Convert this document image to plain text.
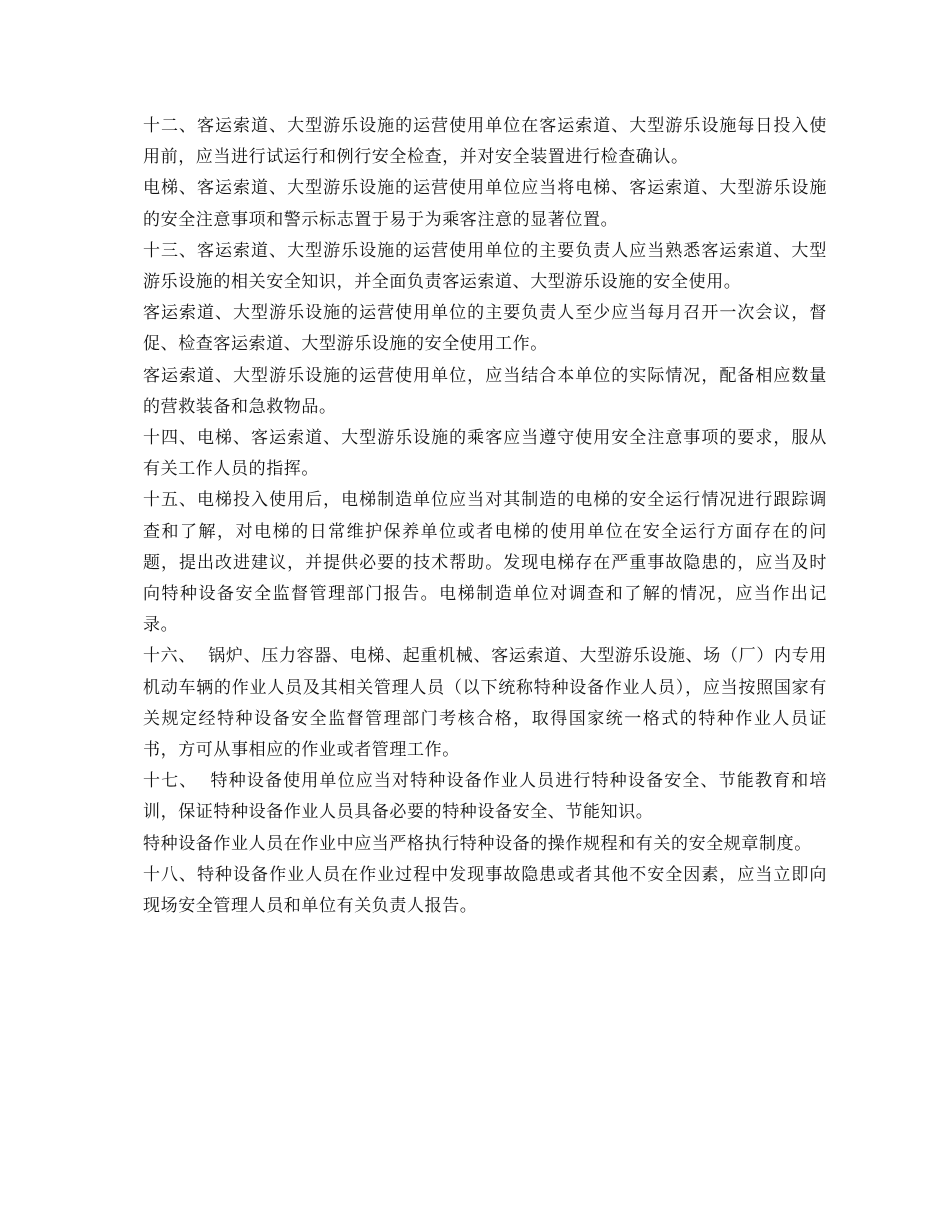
十二、客运索道、大型游乐设施的运营使用单位在客运索道、大型游乐设施每日投入使用前，应当进行试运行和例行安全检查，并对安全装置进行检查确认。

电梯、客运索道、大型游乐设施的运营使用单位应当将电梯、客运索道、大型游乐设施的安全注意事项和警示标志置于易于为乘客注意的显著位置。

十三、客运索道、大型游乐设施的运营使用单位的主要负责人应当熟悉客运索道、大型游乐设施的相关安全知识，并全面负责客运索道、大型游乐设施的安全使用。

客运索道、大型游乐设施的运营使用单位的主要负责人至少应当每月召开一次会议，督促、检查客运索道、大型游乐设施的安全使用工作。

客运索道、大型游乐设施的运营使用单位，应当结合本单位的实际情况，配备相应数量的营救装备和急救物品。

十四、电梯、客运索道、大型游乐设施的乘客应当遵守使用安全注意事项的要求，服从有关工作人员的指挥。

十五、电梯投入使用后，电梯制造单位应当对其制造的电梯的安全运行情况进行跟踪调查和了解，对电梯的日常维护保养单位或者电梯的使用单位在安全运行方面存在的问题，提出改进建议，并提供必要的技术帮助。发现电梯存在严重事故隐患的，应当及时向特种设备安全监督管理部门报告。电梯制造单位对调查和了解的情况，应当作出记录。

十六、  锅炉、压力容器、电梯、起重机械、客运索道、大型游乐设施、场（厂）内专用机动车辆的作业人员及其相关管理人员（以下统称特种设备作业人员），应当按照国家有关规定经特种设备安全监督管理部门考核合格，取得国家统一格式的特种作业人员证书，方可从事相应的作业或者管理工作。

十七、  特种设备使用单位应当对特种设备作业人员进行特种设备安全、节能教育和培训，保证特种设备作业人员具备必要的特种设备安全、节能知识。

特种设备作业人员在作业中应当严格执行特种设备的操作规程和有关的安全规章制度。

十八、特种设备作业人员在作业过程中发现事故隐患或者其他不安全因素，应当立即向现场安全管理人员和单位有关负责人报告。
